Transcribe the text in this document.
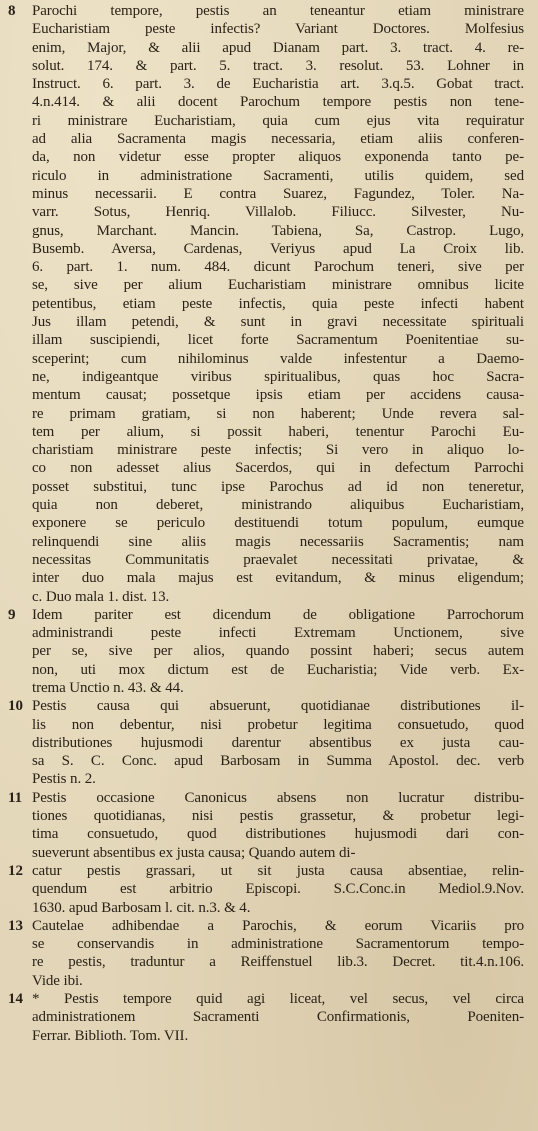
8	Parochi tempore, pestis an teneantur etiam ministrare
Eucharistiam peste infectis? Variant Doctores. Molfesius
enim, Major, & alii apud Dianam part. 3. tract. 4. re-
solut. 174. & part. 5. tract. 3. resolut. 53. Lohner in
Instruct. 6. part. 3. de Eucharistia art. 3.q.5. Gobat tract.
4.n.414. & alii docent Parochum tempore pestis non tene-
ri ministrare Eucharistiam, quia cum ejus vita requiratur
ad alia Sacramenta magis necessaria, etiam aliis conferen-
da, non videtur esse propter aliquos exponenda tanto pe-
riculo in administratione Sacramenti, utilis quidem, sed
minus necessarii. E contra Suarez, Fagundez, Toler. Na-
varr. Sotus, Henriq. Villalob. Filiucc. Silvester, Nu-
gnus, Marchant. Mancin. Tabiena, Sa, Castrop. Lugo,
Busemb. Aversa, Cardenas, Veriyus apud La Croix lib.
6. part. 1. num. 484. dicunt Parochum teneri, sive per
se, sive per alium Eucharistiam ministrare omnibus licite
petentibus, etiam peste infectis, quia peste infecti habent
Jus illam petendi, & sunt in gravi necessitate spirituali
illam suscipiendi, licet forte Sacramentum Poenitentiae su-
sceperint; cum nihilominus valde infestentur a Daemo-
ne, indigeantque viribus spiritualibus, quas hoc Sacra-
mentum causat; possetque ipsis etiam per accidens causa-
re primam gratiam, si non haberent; Unde revera sal-
tem per alium, si possit haberi, tenentur Parochi Eu-
charistiam ministrare peste infectis; Si vero in aliquo lo-
co non adesset alius Sacerdos, qui in defectum Parrochi
posset substitui, tunc ipse Parochus ad id non teneretur,
quia non deberet, ministrando aliquibus Eucharistiam,
exponere se periculo destituendi totum populum, eumque
relinquendi sine aliis magis necessariis Sacramentis; nam
necessitas Communitatis praevalet necessitati privatae, &
inter duo mala majus est evitandum, & minus eligendum;
c. Duo mala 1. dist. 13.
9	Idem pariter est dicendum de obligatione Parrochorum
administrandi peste infecti Extremam Unctionem, sive
per se, sive per alios, quando possint haberi; secus autem
non, uti mox dictum est de Eucharistia; Vide verb. Ex-
trema Unctio n. 43. & 44.
10 Pestis causa qui absuerunt, quotidianae distributiones il-
lis non debentur, nisi probetur legitima consuetudo, quod
distributiones hujusmodi darentur absentibus ex justa cau-
sa S. C. Conc. apud Barbosam in Summa Apostol. dec. verb
Pestis n. 2.
11 Pestis occasione Canonicus absens non lucratur distribu-
tiones quotidianas, nisi pestis grassetur, & probetur legi-
tima consuetudo, quod distributiones hujusmodi dari con-
sueverunt absentibus ex justa causa; Quando autem di-
12 catur pestis grassari, ut sit justa causa absentiae, relin-
quendum est arbitrio Episcopi. S.C.Conc.in Mediol.9.Nov.
1630. apud Barbosam l. cit. n.3. & 4.
13 Cautelae adhibendae a Parochis, & eorum Vicariis pro
se conservandis in administratione Sacramentorum tempo-
re pestis, traduntur a Reiffenstuel lib.3. Decret. tit.4.n.106.
Vide ibi.
14 * Pestis tempore quid agi liceat, vel secus, vel circa
administrationem Sacramenti Confirmationis, Poeniten-
Ferrar. Biblioth. Tom. VII.
